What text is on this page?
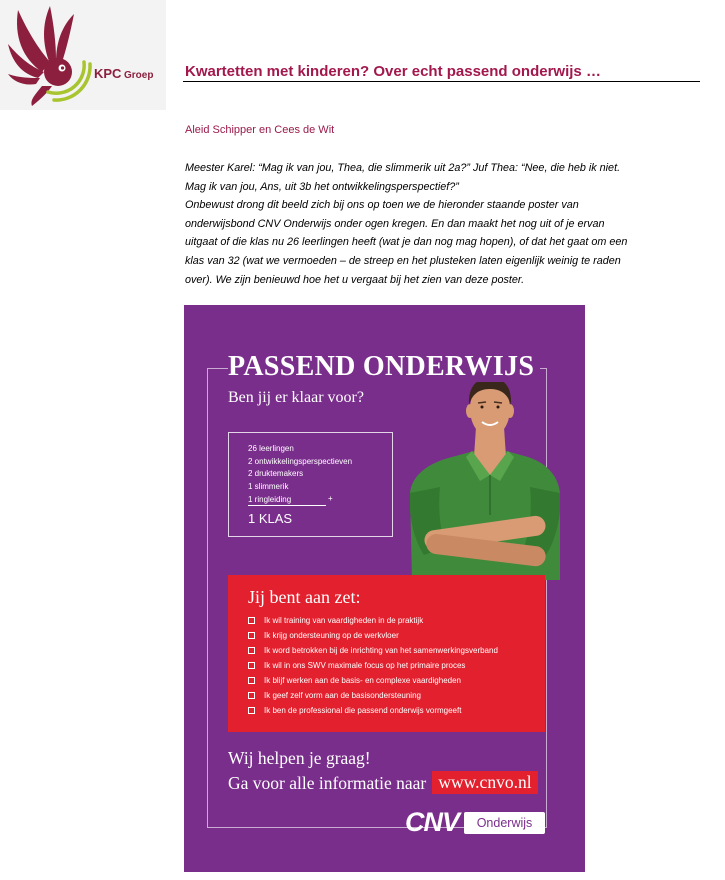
KPC Groep Kwartetten met kinderen? Over echt passend onderwijs …
Aleid Schipper en Cees de Wit
Meester Karel: “Mag ik van jou, Thea, die slimmerik uit 2a?” Juf Thea: “Nee, die heb ik niet.
Mag ik van jou, Ans, uit 3b het ontwikkelingsperspectief?”
Onbewust drong dit beeld zich bij ons op toen we de hieronder staande poster van
onderwijsbond CNV Onderwijs onder ogen kregen. En dan maakt het nog uit of je ervan
uitgaat of die klas nu 26 leerlingen heeft (wat je dan nog mag hopen), of dat het gaat om een
klas van 32 (wat we vermoeden – de streep en het plusteken laten eigenlijk weinig te raden
over). We zijn benieuwd hoe het u vergaat bij het zien van deze poster.
PASSEND ONDERWIJS
Ben jij er klaar voor?
26 leerlingen
2 ontwikkelingsperspectieven
2 druktemakers
1 slimmerik
1 ringleiding	+
1 KLAS
Jij bent aan zet:
Ik wil training van vaardigheden in de praktijk
Ik krijg ondersteuning op de werkvloer
Ik word betrokken bij de inrichting van het samenwerkingsverband
Ik wil in ons SWV maximale focus op het primaire proces
Ik blijf werken aan de basis- en complexe vaardigheden
Ik geef zelf vorm aan de basisondersteuning
Ik ben de professional die passend onderwijs vormgeeft
Wij helpen je graag!
Ga voor alle informatie naar www.cnvo.nl
CNV	Onderwijs
